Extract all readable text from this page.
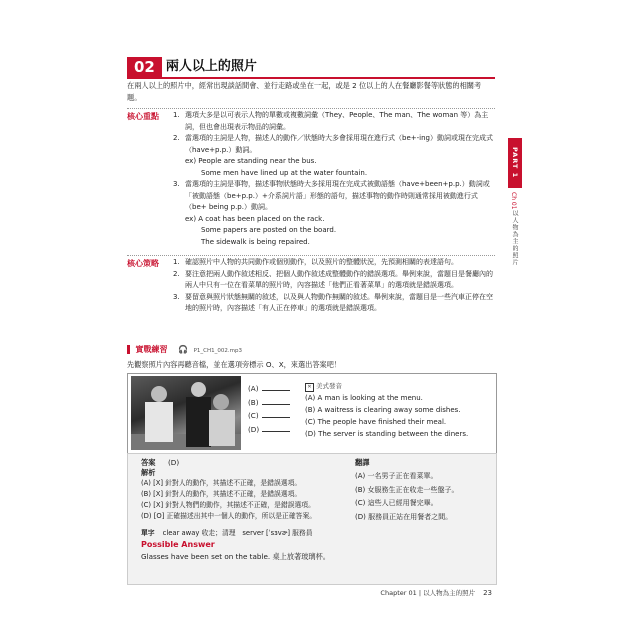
02 兩人以上的照片
在兩人以上的照片中，經常出現談話間會、並行走路或坐在一起，或是 2 位以上的人在餐廳影餐等狀態的相關考題。
核心重點 1. 選項大多是以可表示人物的單數或複數詞彙（They、People、The man、The woman 等）為主詞，但也會出現表示物品的詞彙。
2. 當選項的主詞是人物，描述人的動作／狀態時大多會採用現在進行式（be+-ing）動詞或現在完成式（have+p.p.）動詞。
ex) People are standing near the bus.
Some men have lined up at the water fountain.
3. 當選項的主詞是事物，描述事物狀態時大多採用現在完成式被動語態（have+been+p.p.）動詞或「被動語態（be+p.p.）+介系詞片語」形態的語句，描述事物的動作時則通常採用被動進行式（be+ being p.p.）動詞。
ex) A coat has been placed on the rack.
Some papers are posted on the board.
The sidewalk is being repaired.
核心策略 1. 確認照片中人物的共同動作或個別動作，以及照片的整體狀況，先預測相關的表達語句。
2. 要注意把兩人動作敘述相反、把個人動作敘述成整體動作的錯誤選項。舉例來說，當題目是餐廳內的兩人中只有一位在看菜單的照片時，內容描述「他們正看著菜單」的選項就是錯誤選項。
3. 要留意與照片狀態無關的敘述，以及與人物動作無關的敘述。舉例來說，當題目是一些汽車正停在空地的照片時，內容描述「有人正在停車」的選項就是錯誤選項。
PART 1
Ch 01
以人物為主的照片
實戰練習 🎧 P1_CH1_002.mp3
先觀察照片內容再聽音檔，並在選項旁標示 O、X，來選出答案吧！
(A)
(B)
(C)
(D)
✕ 美式發音
(A) A man is looking at the menu.
(B) A waitress is clearing away some dishes.
(C) The people have finished their meal.
(D) The server is standing between the diners.
答案 (D)
解析
(A) [X] 針對人的動作，其描述不正確，是錯誤選項。
(B) [X] 針對人的動作，其描述不正確，是錯誤選項。
(C) [X] 針對人物們的動作，其描述不正確，是錯誤選項。
(D) [O] 正確描述出其中一個人的動作，所以是正確答案。
單字 clear away 收走；清理　server [ˈsɜvɚ] 服務員
Possible Answer
Glasses have been set on the table. 桌上放著玻璃杯。
翻譯
(A) 一名男子正在看菜單。
(B) 女服務生正在收走一些盤子。
(C) 這些人已經用餐完畢。
(D) 服務員正站在用餐者之間。
Chapter 01 | 以人物為主的照片 23
